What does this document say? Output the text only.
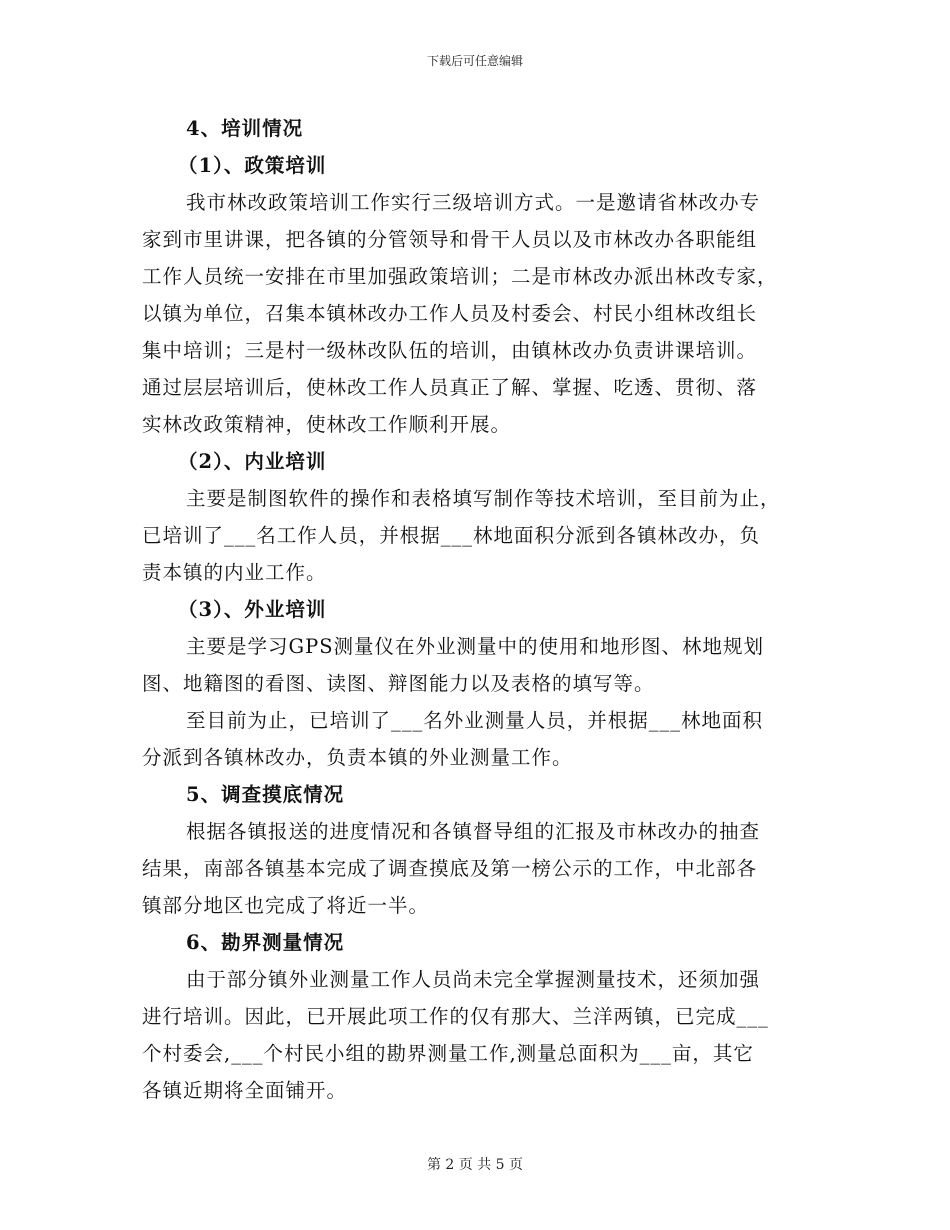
下载后可任意编辑
4、培训情况
（1）、政策培训
我市林改政策培训工作实行三级培训方式。一是邀请省林改办专
家到市里讲课，把各镇的分管领导和骨干人员以及市林改办各职能组
工作人员统一安排在市里加强政策培训；二是市林改办派出林改专家，
以镇为单位，召集本镇林改办工作人员及村委会、村民小组林改组长
集中培训；三是村一级林改队伍的培训，由镇林改办负责讲课培训。
通过层层培训后，使林改工作人员真正了解、掌握、吃透、贯彻、落
实林改政策精神，使林改工作顺利开展。
（2）、内业培训
主要是制图软件的操作和表格填写制作等技术培训，至目前为止，
已培训了___名工作人员，并根据___林地面积分派到各镇林改办，负
责本镇的内业工作。
（3）、外业培训
主要是学习GPS测量仪在外业测量中的使用和地形图、林地规划
图、地籍图的看图、读图、辩图能力以及表格的填写等。
至目前为止，已培训了___名外业测量人员，并根据___林地面积
分派到各镇林改办，负责本镇的外业测量工作。
5、调查摸底情况
根据各镇报送的进度情况和各镇督导组的汇报及市林改办的抽查
结果，南部各镇基本完成了调查摸底及第一榜公示的工作，中北部各
镇部分地区也完成了将近一半。
6、勘界测量情况
由于部分镇外业测量工作人员尚未完全掌握测量技术，还须加强
进行培训。因此，已开展此项工作的仅有那大、兰洋两镇，已完成___
个村委会,___个村民小组的勘界测量工作,测量总面积为___亩，其它
各镇近期将全面铺开。
第 2 页 共 5 页
